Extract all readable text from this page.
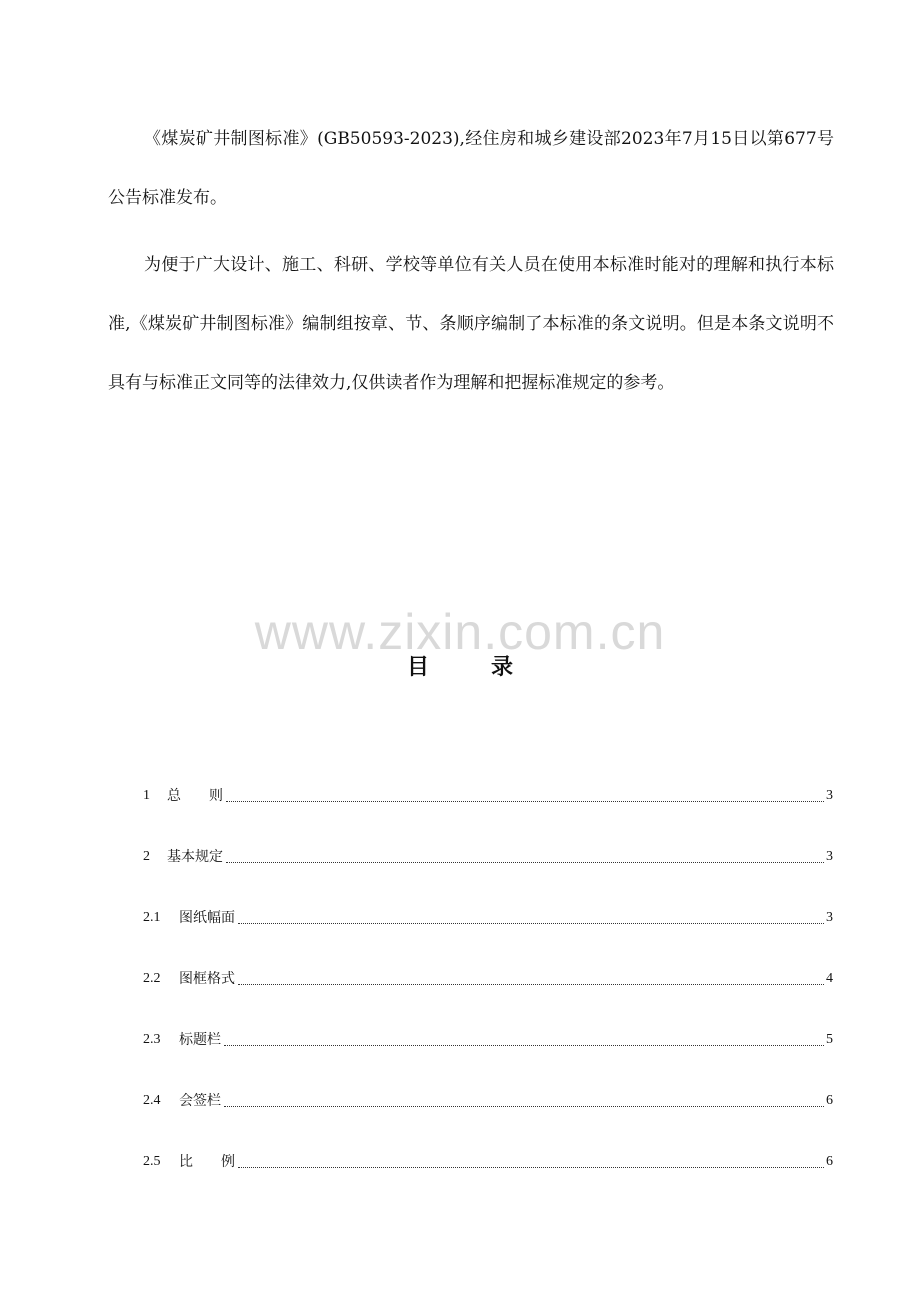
《煤炭矿井制图标准》(GB50593-2023),经住房和城乡建设部2023年7月15日以第677号公告标准发布。

为便于广大设计、施工、科研、学校等单位有关人员在使用本标准时能对的理解和执行本标准,《煤炭矿井制图标准》编制组按章、节、条顺序编制了本标准的条文说明。但是本条文说明不具有与标准正文同等的法律效力,仅供读者作为理解和把握标准规定的参考。

www.zixin.com.cn

目	录
1	总　　则	3
2	基本规定	3
2.1	图纸幅面	3
2.2	图框格式	4
2.3	标题栏	5
2.4	会签栏	6
2.5	比　　例	6
